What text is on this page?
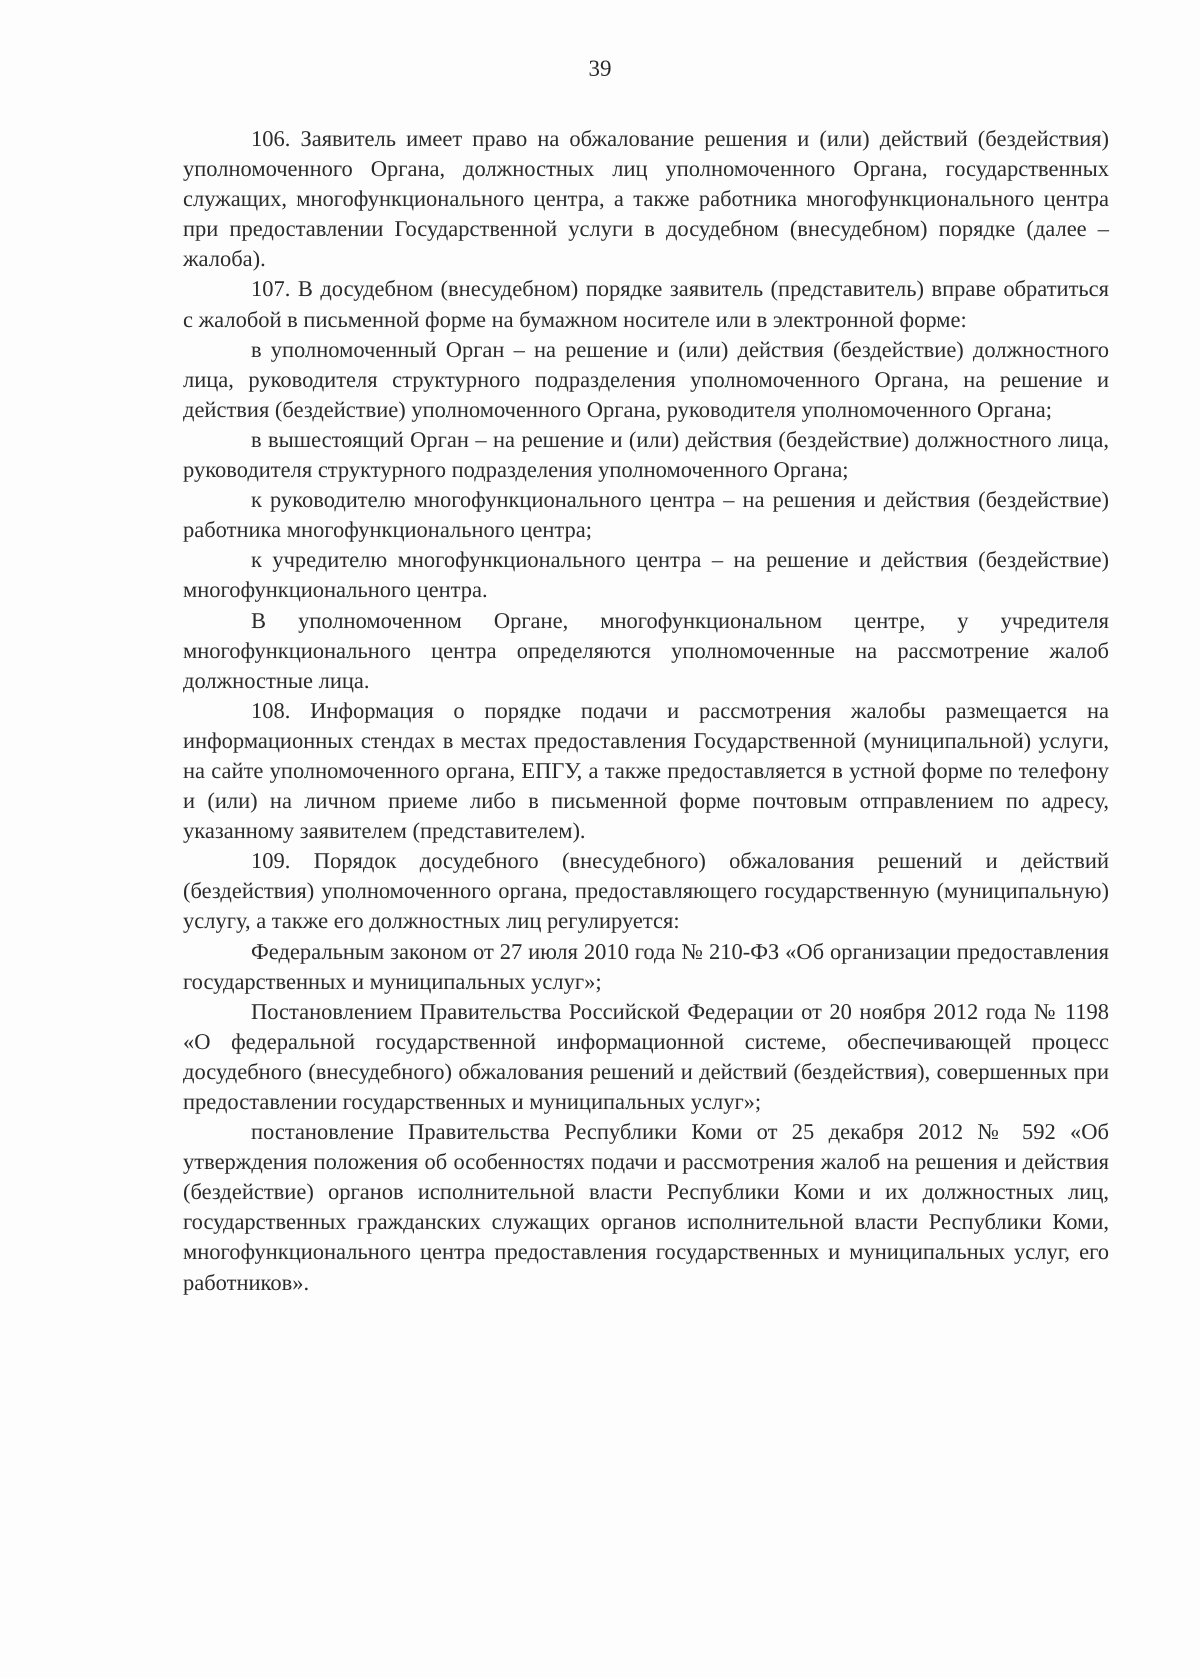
39

106. Заявитель имеет право на обжалование решения и (или) действий (бездействия) уполномоченного Органа, должностных лиц уполномоченного Органа, государственных служащих, многофункционального центра, а также работника многофункционального центра при предоставлении Государственной услуги в досудебном (внесудебном) порядке (далее – жалоба).

107. В досудебном (внесудебном) порядке заявитель (представитель) вправе обратиться с жалобой в письменной форме на бумажном носителе или в электронной форме:

в уполномоченный Орган – на решение и (или) действия (бездействие) должностного лица, руководителя структурного подразделения уполномоченного Органа, на решение и действия (бездействие) уполномоченного Органа, руководителя уполномоченного Органа;

в вышестоящий Орган – на решение и (или) действия (бездействие) должностного лица, руководителя структурного подразделения уполномоченного Органа;

к руководителю многофункционального центра – на решения и действия (бездействие) работника многофункционального центра;

к учредителю многофункционального центра – на решение и действия (бездействие) многофункционального центра.

В уполномоченном Органе, многофункциональном центре, у учредителя многофункционального центра определяются уполномоченные на рассмотрение жалоб должностные лица.

108. Информация о порядке подачи и рассмотрения жалобы размещается на информационных стендах в местах предоставления Государственной (муниципальной) услуги, на сайте уполномоченного органа, ЕПГУ, а также предоставляется в устной форме по телефону и (или) на личном приеме либо в письменной форме почтовым отправлением по адресу, указанному заявителем (представителем).

109. Порядок досудебного (внесудебного) обжалования решений и действий (бездействия) уполномоченного органа, предоставляющего государственную (муниципальную) услугу, а также его должностных лиц регулируется:

Федеральным законом от 27 июля 2010 года № 210-ФЗ «Об организации предоставления государственных и муниципальных услуг»;

Постановлением Правительства Российской Федерации от 20 ноября 2012 года № 1198 «О федеральной государственной информационной системе, обеспечивающей процесс досудебного (внесудебного) обжалования решений и действий (бездействия), совершенных при предоставлении государственных и муниципальных услуг»;

постановление Правительства Республики Коми от 25 декабря 2012 № 592 «Об утверждения положения об особенностях подачи и рассмотрения жалоб на решения и действия (бездействие) органов исполнительной власти Республики Коми и их должностных лиц, государственных гражданских служащих органов исполнительной власти Республики Коми, многофункционального центра предоставления государственных и муниципальных услуг, его работников».
